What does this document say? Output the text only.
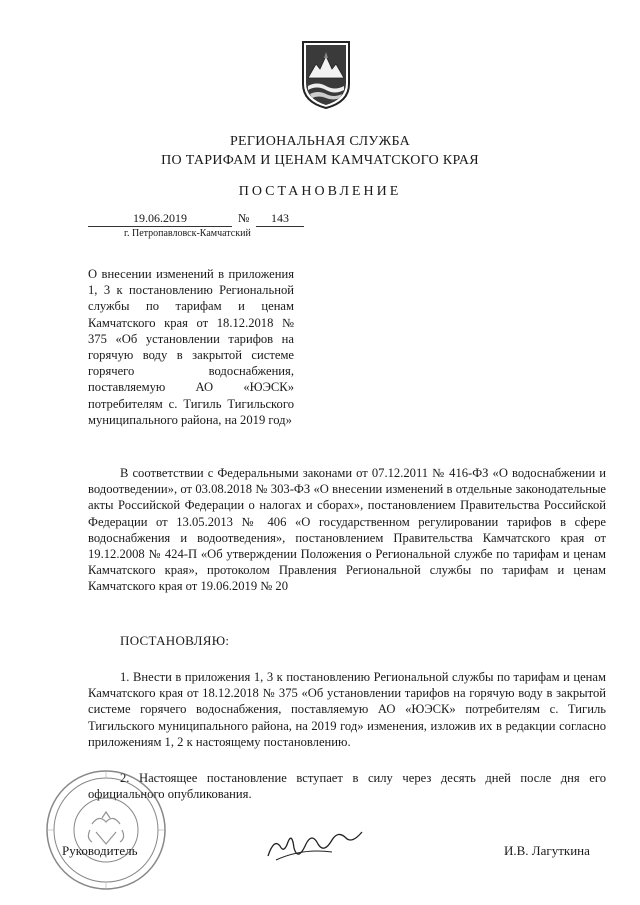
РЕГИОНАЛЬНАЯ СЛУЖБА
ПО ТАРИФАМ И ЦЕНАМ КАМЧАТСКОГО КРАЯ
ПОСТАНОВЛЕНИЕ
19.06.2019	№	143
г. Петропавловск-Камчатский
О внесении изменений в приложения 1, 3 к постановлению Региональной службы по тарифам и ценам Камчатского края от 18.12.2018 № 375 «Об установлении тарифов на горячую воду в закрытой системе горячего водоснабжения, поставляемую АО «ЮЭСК» потребителям с. Тигиль Тигильского муниципального района, на 2019 год»
В соответствии с Федеральными законами от 07.12.2011 № 416-ФЗ «О водоснабжении и водоотведении», от 03.08.2018 № 303-ФЗ «О внесении изменений в отдельные законодательные акты Российской Федерации о налогах и сборах», постановлением Правительства Российской Федерации от 13.05.2013 № 406 «О государственном регулировании тарифов в сфере водоснабжения и водоотведения», постановлением Правительства Камчатского края от 19.12.2008 № 424-П «Об утверждении Положения о Региональной службе по тарифам и ценам Камчатского края», протоколом Правления Региональной службы по тарифам и ценам Камчатского края от 19.06.2019 № 20
ПОСТАНОВЛЯЮ:
1. Внести в приложения 1, 3 к постановлению Региональной службы по тарифам и ценам Камчатского края от 18.12.2018 № 375 «Об установлении тарифов на горячую воду в закрытой системе горячего водоснабжения, поставляемую АО «ЮЭСК» потребителям с. Тигиль Тигильского муниципального района, на 2019 год» изменения, изложив их в редакции согласно приложениям 1, 2 к настоящему постановлению.
2. Настоящее постановление вступает в силу через десять дней после дня его официального опубликования.
Руководитель	И.В. Лагуткина
